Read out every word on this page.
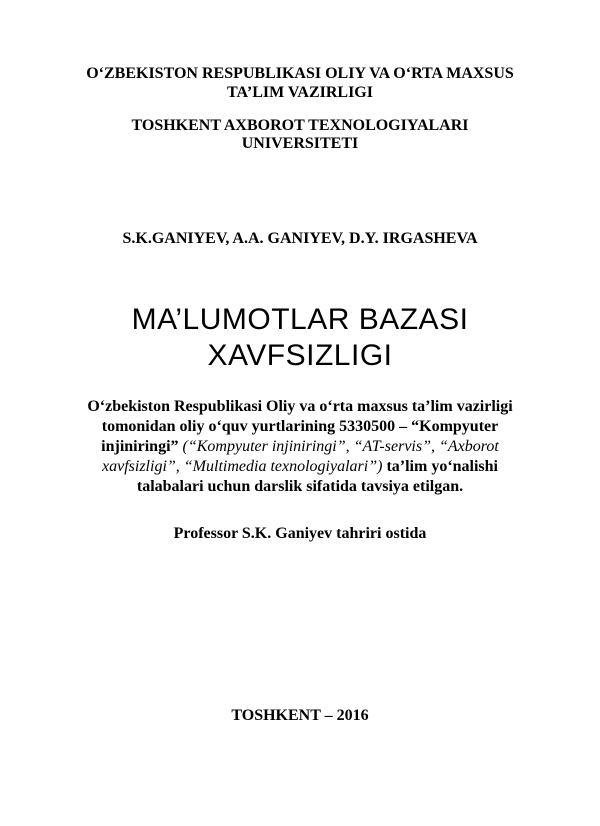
O‘ZBEKISTON RESPUBLIKASI OLIY VA O‘RTA MAXSUS
TA’LIM VAZIRLIGI
TOSHKENT AXBOROT TEXNOLOGIYALARI
UNIVERSITETI
S.K.GANIYEV, A.A. GANIYEV, D.Y. IRGASHEVA
MA’LUMOTLAR BAZASI
XAVFSIZLIGI
O‘zbekiston Respublikasi Oliy va o‘rta maxsus ta’lim vazirligi
tomonidan oliy o‘quv yurtlarining 5330500 – “Kompyuter
injiniringi” (“Kompyuter injiniringi”, “AT-servis”, “Axborot
xavfsizligi”, “Multimedia texnologiyalari”) ta’lim yo‘nalishi
talabalari uchun darslik sifatida tavsiya etilgan.
Professor S.K. Ganiyev tahriri ostida
TOSHKENT – 2016
